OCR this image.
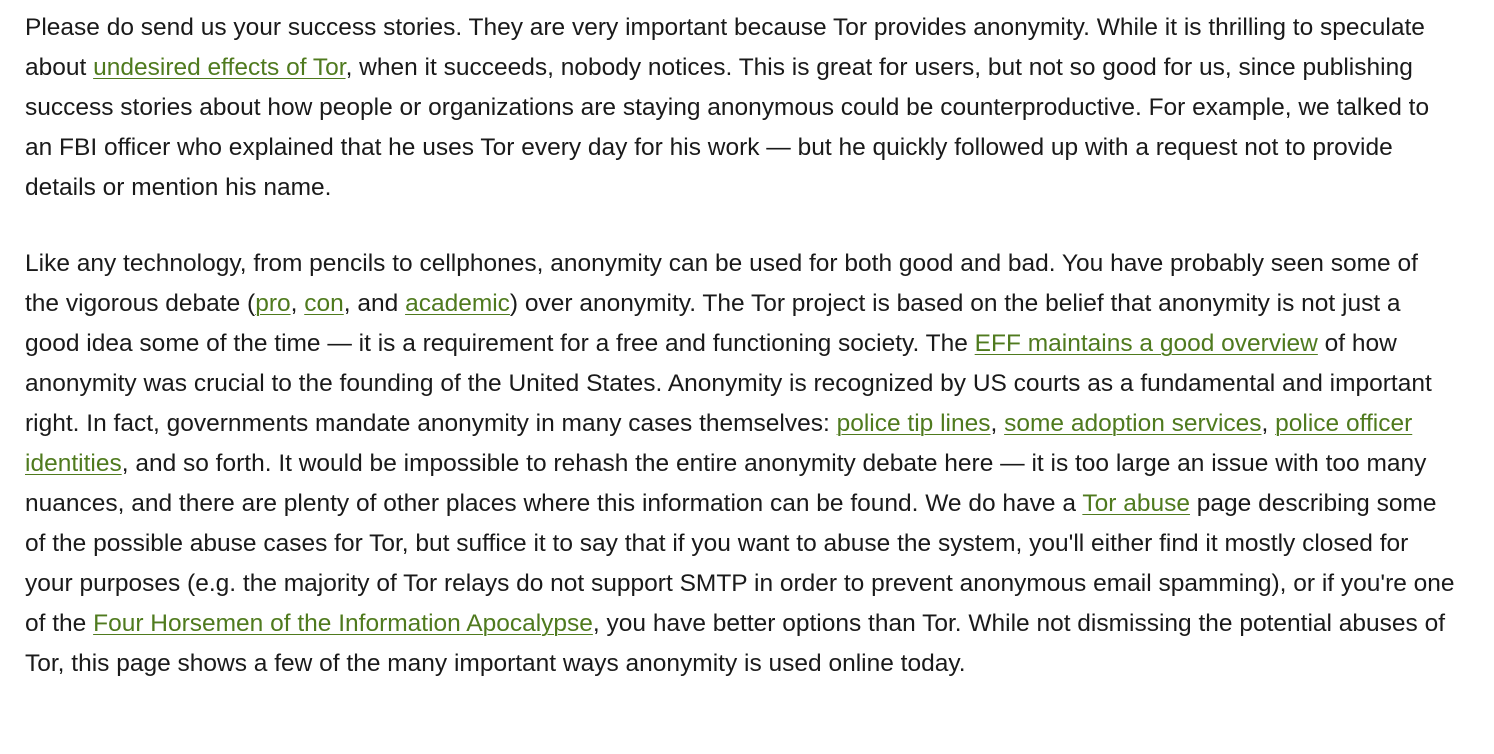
Please do send us your success stories. They are very important because Tor provides anonymity. While it is thrilling to speculate about undesired effects of Tor, when it succeeds, nobody notices. This is great for users, but not so good for us, since publishing success stories about how people or organizations are staying anonymous could be counterproductive. For example, we talked to an FBI officer who explained that he uses Tor every day for his work — but he quickly followed up with a request not to provide details or mention his name.

Like any technology, from pencils to cellphones, anonymity can be used for both good and bad. You have probably seen some of the vigorous debate (pro, con, and academic) over anonymity. The Tor project is based on the belief that anonymity is not just a good idea some of the time — it is a requirement for a free and functioning society. The EFF maintains a good overview of how anonymity was crucial to the founding of the United States. Anonymity is recognized by US courts as a fundamental and important right. In fact, governments mandate anonymity in many cases themselves: police tip lines, some adoption services, police officer identities, and so forth. It would be impossible to rehash the entire anonymity debate here — it is too large an issue with too many nuances, and there are plenty of other places where this information can be found. We do have a Tor abuse page describing some of the possible abuse cases for Tor, but suffice it to say that if you want to abuse the system, you'll either find it mostly closed for your purposes (e.g. the majority of Tor relays do not support SMTP in order to prevent anonymous email spamming), or if you're one of the Four Horsemen of the Information Apocalypse, you have better options than Tor. While not dismissing the potential abuses of Tor, this page shows a few of the many important ways anonymity is used online today.
